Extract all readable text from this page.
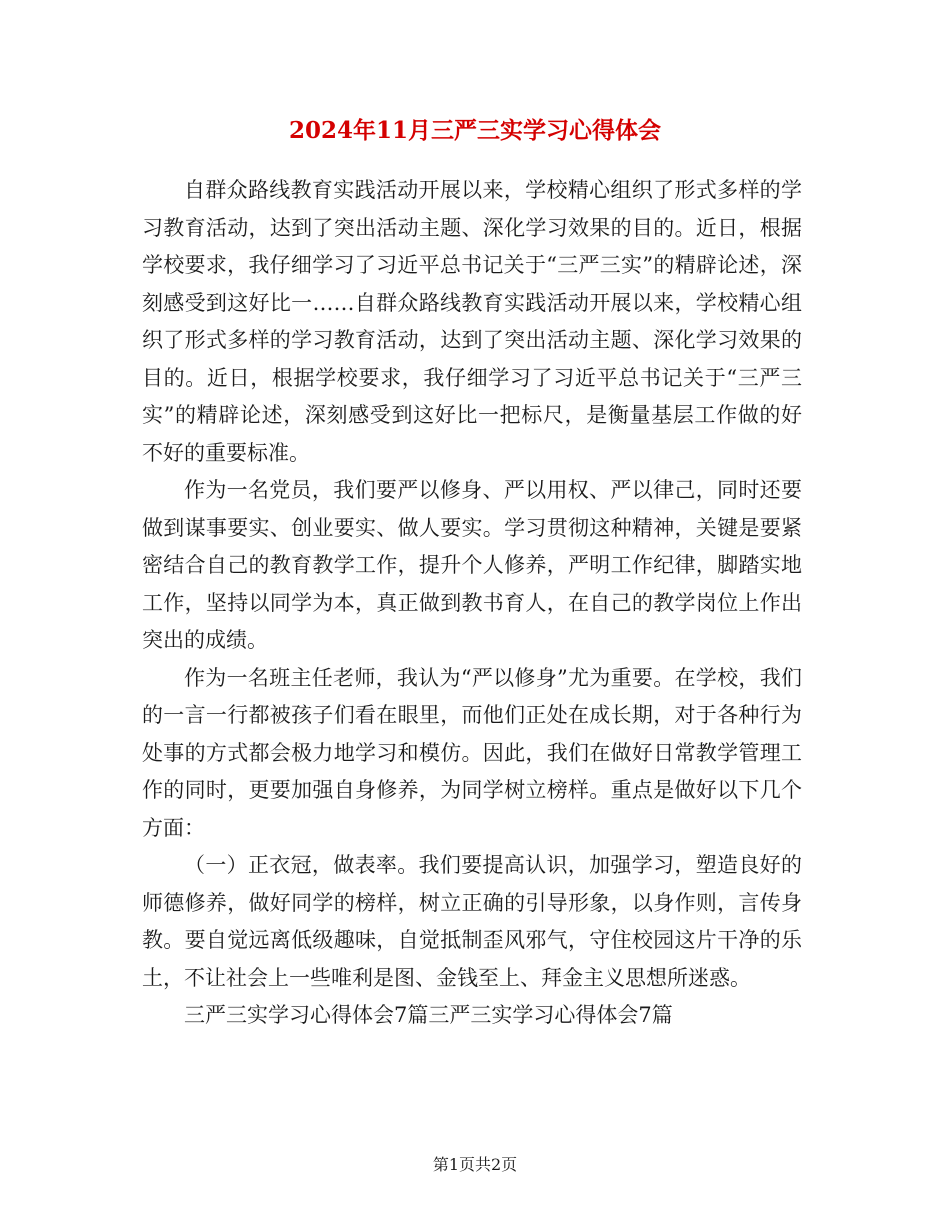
2024年11月三严三实学习心得体会

自群众路线教育实践活动开展以来，学校精心组织了形式多样的学习教育活动，达到了突出活动主题、深化学习效果的目的。近日，根据学校要求，我仔细学习了习近平总书记关于“三严三实”的精辟论述，深刻感受到这好比一……自群众路线教育实践活动开展以来，学校精心组织了形式多样的学习教育活动，达到了突出活动主题、深化学习效果的目的。近日，根据学校要求，我仔细学习了习近平总书记关于“三严三实”的精辟论述，深刻感受到这好比一把标尺，是衡量基层工作做的好不好的重要标准。

作为一名党员，我们要严以修身、严以用权、严以律己，同时还要做到谋事要实、创业要实、做人要实。学习贯彻这种精神，关键是要紧密结合自己的教育教学工作，提升个人修养，严明工作纪律，脚踏实地工作，坚持以同学为本，真正做到教书育人，在自己的教学岗位上作出突出的成绩。

作为一名班主任老师，我认为“严以修身”尤为重要。在学校，我们的一言一行都被孩子们看在眼里，而他们正处在成长期，对于各种行为处事的方式都会极力地学习和模仿。因此，我们在做好日常教学管理工作的同时，更要加强自身修养，为同学树立榜样。重点是做好以下几个方面：

（一）正衣冠，做表率。我们要提高认识，加强学习，塑造良好的师德修养，做好同学的榜样，树立正确的引导形象，以身作则，言传身教。要自觉远离低级趣味，自觉抵制歪风邪气，守住校园这片干净的乐土，不让社会上一些唯利是图、金钱至上、拜金主义思想所迷惑。

三严三实学习心得体会7篇三严三实学习心得体会7篇

第1页共2页
